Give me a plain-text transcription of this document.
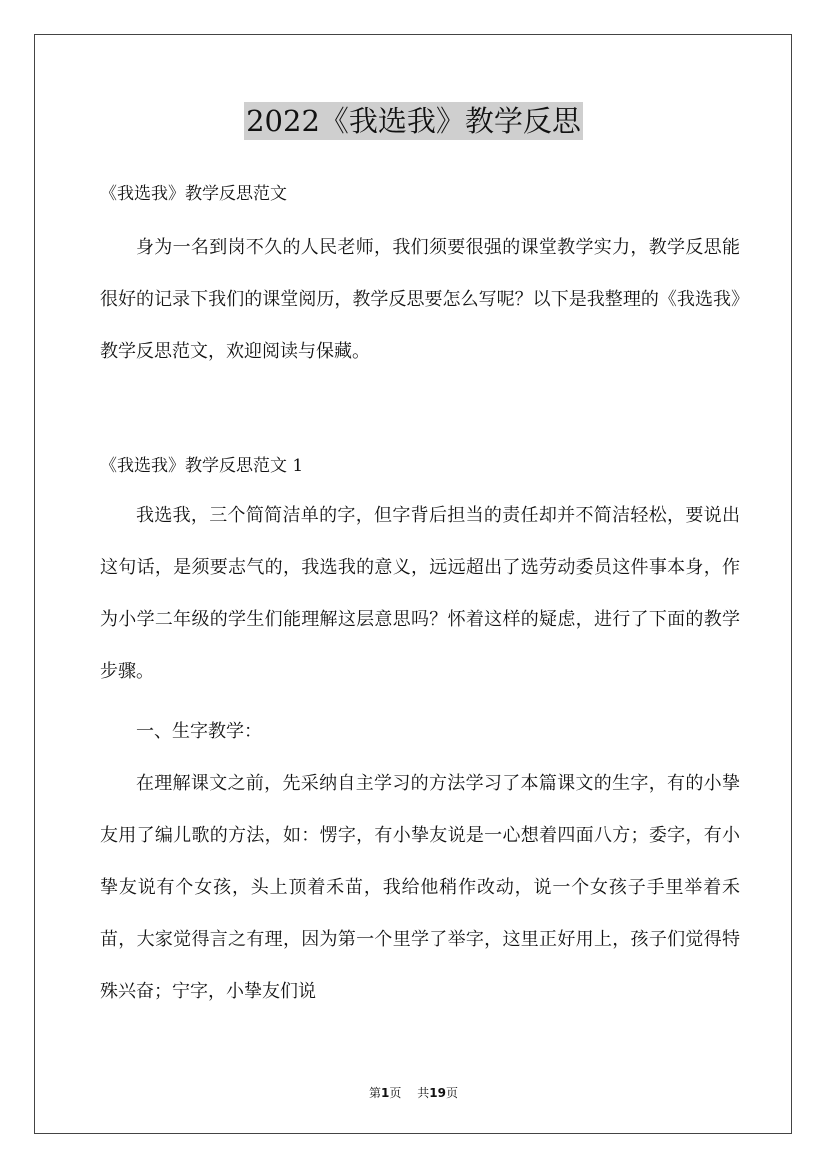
2022《我选我》教学反思
《我选我》教学反思范文

身为一名到岗不久的人民老师，我们须要很强的课堂教学实力，教学反思能很好的记录下我们的课堂阅历，教学反思要怎么写呢？以下是我整理的《我选我》教学反思范文，欢迎阅读与保藏。

《我选我》教学反思范文 1

我选我，三个简简洁单的字，但字背后担当的责任却并不简洁轻松，要说出这句话，是须要志气的，我选我的意义，远远超出了选劳动委员这件事本身，作为小学二年级的学生们能理解这层意思吗？怀着这样的疑虑，进行了下面的教学步骤。

一、生字教学：

在理解课文之前，先采纳自主学习的方法学习了本篇课文的生字，有的小挚友用了编儿歌的方法，如：愣字，有小挚友说是一心想着四面八方；委字，有小挚友说有个女孩，头上顶着禾苗，我给他稍作改动，说一个女孩子手里举着禾苗，大家觉得言之有理，因为第一个里学了举字，这里正好用上，孩子们觉得特殊兴奋；宁字，小挚友们说

第1页 共19页
